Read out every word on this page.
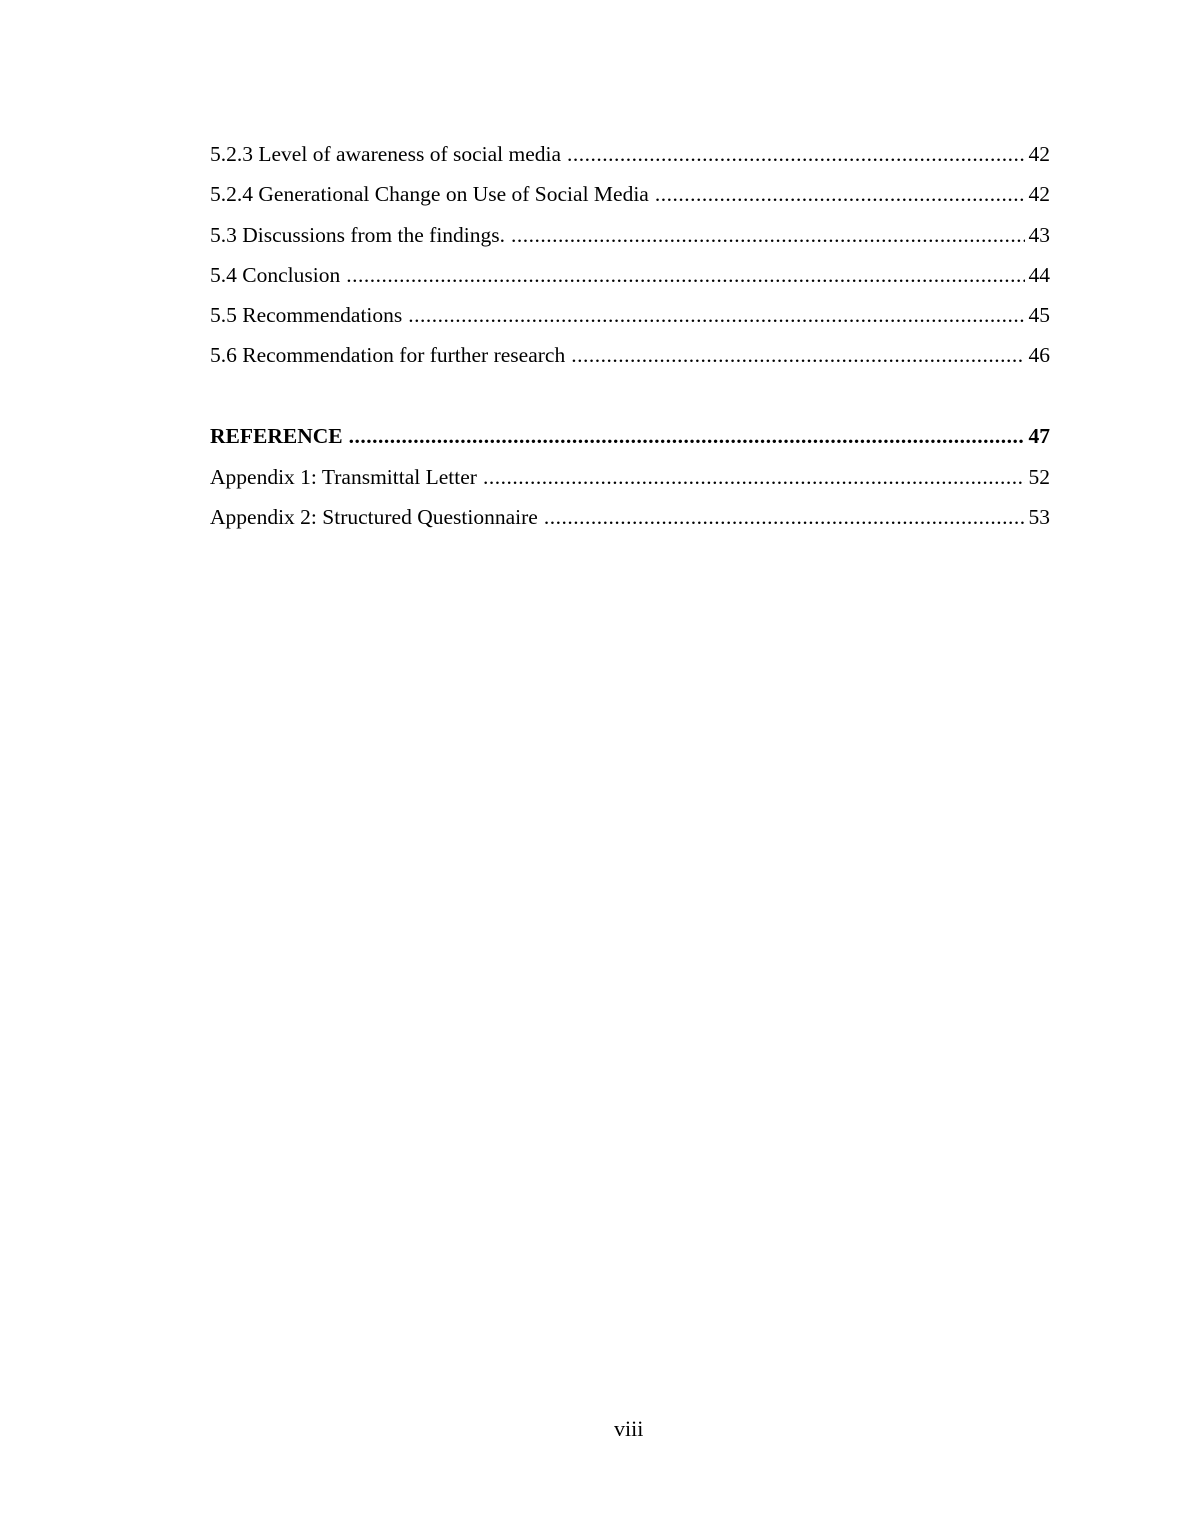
5.2.3 Level of awareness of social media .....	42
5.2.4 Generational Change on Use of Social Media .....	42
5.3 Discussions from the findings. .....	43
5.4 Conclusion .....	44
5.5 Recommendations .....	45
5.6 Recommendation for further research .....	46
REFERENCE .....	47
Appendix 1: Transmittal Letter .....	52
Appendix 2: Structured Questionnaire .....	53
viii
